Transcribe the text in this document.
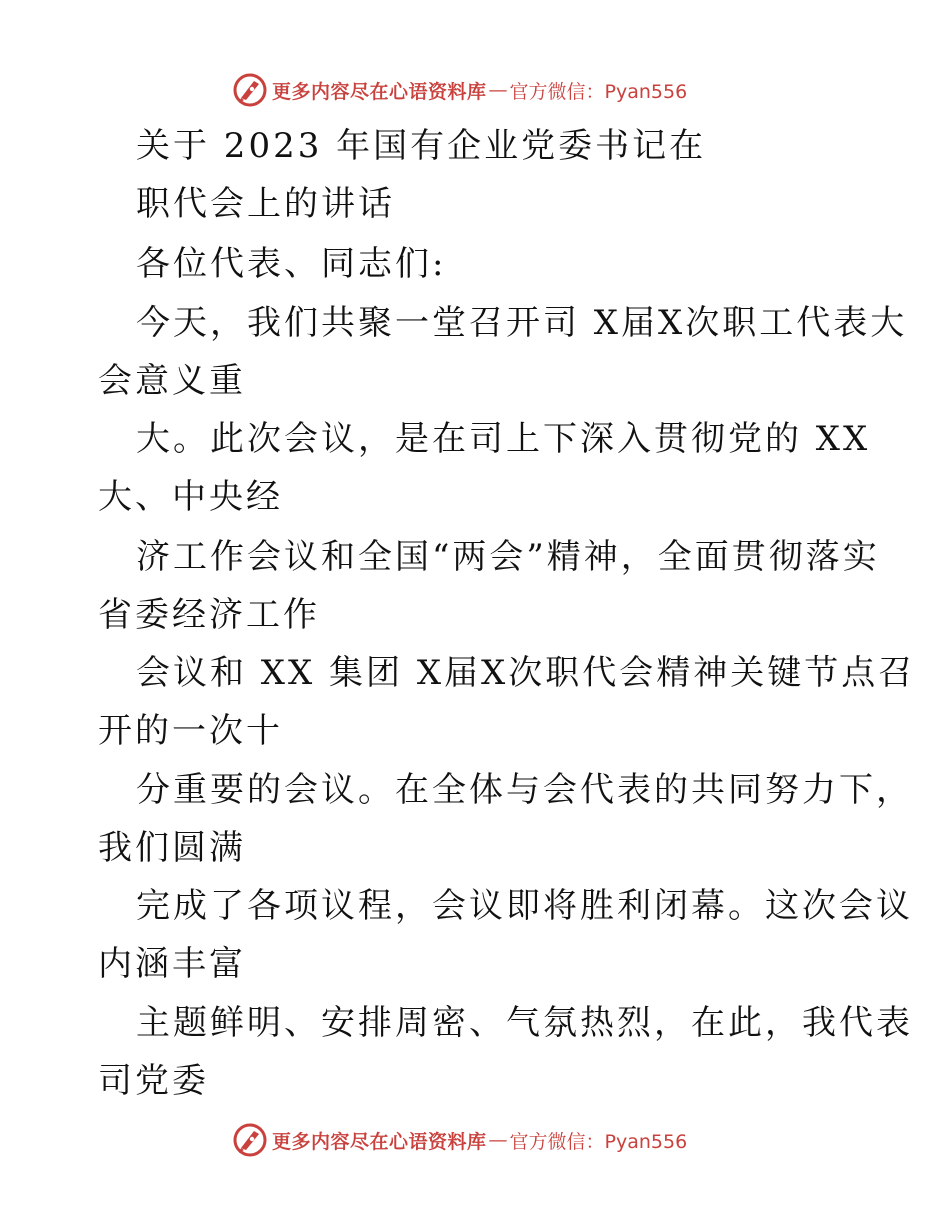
更多内容尽在心语资料库 — 官方微信：Pyan556
关于 2023 年国有企业党委书记在
职代会上的讲话
各位代表、同志们:
今天，我们共聚一堂召开司 X届X次职工代表大
会意义重
大。此次会议，是在司上下深入贯彻党的 XX
大、中央经
济工作会议和全国“两会”精神，全面贯彻落实
省委经济工作
会议和 XX 集团 X届X次职代会精神关键节点召
开的一次十
分重要的会议。在全体与会代表的共同努力下，
我们圆满
完成了各项议程，会议即将胜利闭幕。这次会议
内涵丰富
主题鲜明、安排周密、气氛热烈，在此，我代表
司党委
更多内容尽在心语资料库 — 官方微信：Pyan556
